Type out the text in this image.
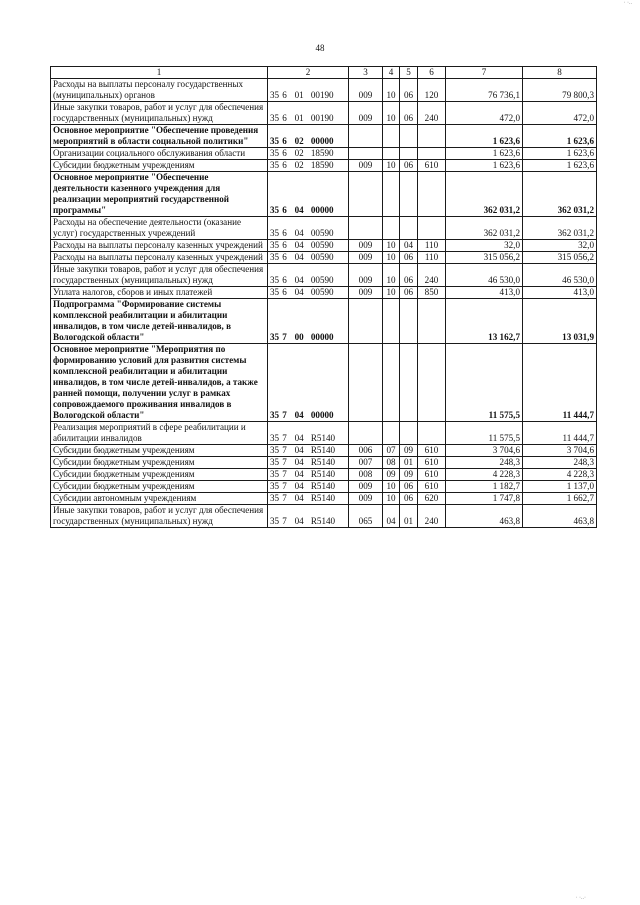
· ·..
48
1	2	3	4	5	6	7	8
Расходы на выплаты персоналу государственных (муниципальных) органов	35 6 01 00190	009	10	06	120	76 736,1	79 800,3
Иные закупки товаров, работ и услуг для обеспечения государственных (муниципальных) нужд	35 6 01 00190	009	10	06	240	472,0	472,0
Основное мероприятие "Обеспечение проведения мероприятий в области социальной политики"	35 6 02 00000					1 623,6	1 623,6
Организации социального обслуживания области	35 6 02 18590					1 623,6	1 623,6
Субсидии бюджетным учреждениям	35 6 02 18590	009	10	06	610	1 623,6	1 623,6
Основное мероприятие "Обеспечение деятельности казенного учреждения для реализации мероприятий государственной программы"	35 6 04 00000					362 031,2	362 031,2
Расходы на обеспечение деятельности (оказание услуг) государственных учреждений	35 6 04 00590					362 031,2	362 031,2
Расходы на выплаты персоналу казенных учреждений	35 6 04 00590	009	10	04	110	32,0	32,0
Расходы на выплаты персоналу казенных учреждений	35 6 04 00590	009	10	06	110	315 056,2	315 056,2
Иные закупки товаров, работ и услуг для обеспечения государственных (муниципальных) нужд	35 6 04 00590	009	10	06	240	46 530,0	46 530,0
Уплата налогов, сборов и иных платежей	35 6 04 00590	009	10	06	850	413,0	413,0
Подпрограмма "Формирование системы комплексной реабилитации и абилитации инвалидов, в том числе детей-инвалидов, в Вологодской области"	35 7 00 00000					13 162,7	13 031,9
Основное мероприятие "Мероприятия по формированию условий для развития системы комплексной реабилитации и абилитации инвалидов, в том числе детей-инвалидов, а также ранней помощи, получении услуг в рамках сопровождаемого проживания инвалидов в Вологодской области"	35 7 04 00000					11 575,5	11 444,7
Реализация мероприятий в сфере реабилитации и абилитации инвалидов	35 7 04 R5140					11 575,5	11 444,7
Субсидии бюджетным учреждениям	35 7 04 R5140	006	07	09	610	3 704,6	3 704,6
Субсидии бюджетным учреждениям	35 7 04 R5140	007	08	01	610	248,3	248,3
Субсидии бюджетным учреждениям	35 7 04 R5140	008	09	09	610	4 228,3	4 228,3
Субсидии бюджетным учреждениям	35 7 04 R5140	009	10	06	610	1 182,7	1 137,0
Субсидии автономным учреждениям	35 7 04 R5140	009	10	06	620	1 747,8	1 662,7
Иные закупки товаров, работ и услуг для обеспечения государственных (муниципальных) нужд	35 7 04 R5140	065	04	01	240	463,8	463,8
· ·..·
